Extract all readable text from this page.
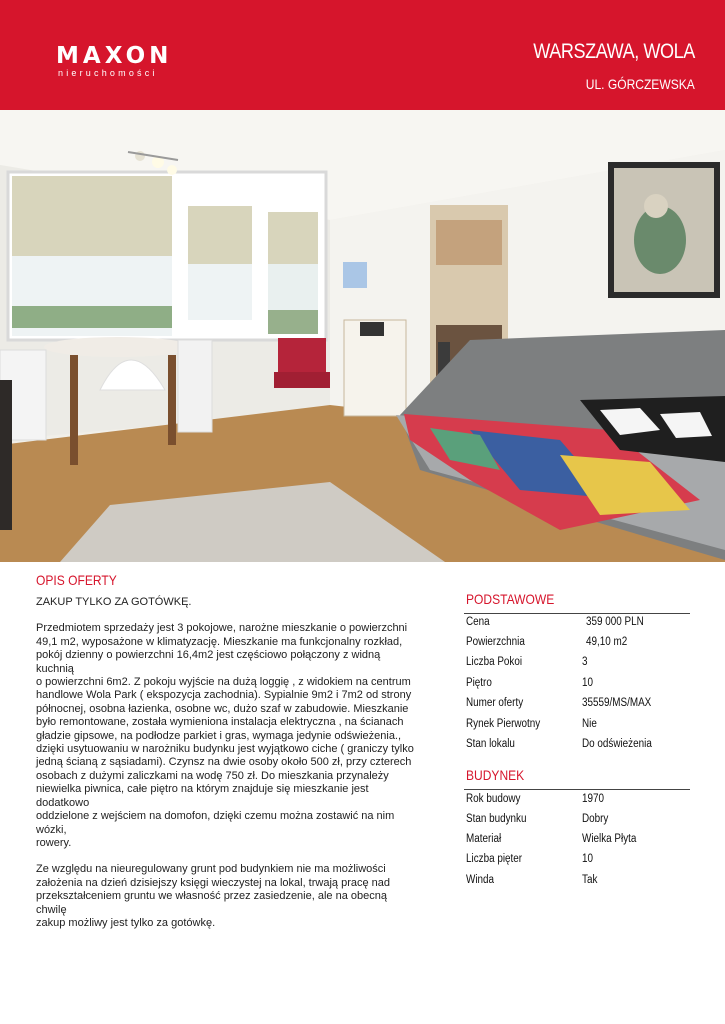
MAXON
nieruchomości
WARSZAWA, WOLA
UL. GÓRCZEWSKA
OPIS OFERTY

ZAKUP TYLKO ZA GOTÓWKĘ.

Przedmiotem sprzedaży jest 3 pokojowe, narożne mieszkanie o powierzchni
49,1 m2, wyposażone w klimatyzację. Mieszkanie ma funkcjonalny rozkład,
pokój dzienny o powierzchni 16,4m2 jest częściowo połączony z widną kuchnią
o powierzchni 6m2. Z pokoju wyjście na dużą loggię , z widokiem na centrum
handlowe Wola Park ( ekspozycja zachodnia). Sypialnie 9m2 i 7m2 od strony
północnej, osobna łazienka, osobne wc, dużo szaf w zabudowie. Mieszkanie
było remontowane, została wymieniona instalacja elektryczna , na ścianach
gładzie gipsowe, na podłodze parkiet i gras, wymaga jedynie odświeżenia.,
dzięki usytuowaniu w narożniku budynku jest wyjątkowo ciche ( graniczy tylko
jedną ścianą z sąsiadami). Czynsz na dwie osoby około 500 zł, przy czterech
osobach z dużymi zaliczkami na wodę 750 zł. Do mieszkania przynależy
niewielka piwnica, całe piętro na którym znajduje się mieszkanie jest dodatkowo
oddzielone z wejściem na domofon, dzięki czemu można zostawić na nim wózki,
rowery.

Ze względu na nieuregulowany grunt pod budynkiem nie ma możliwości
założenia na dzień dzisiejszy księgi wieczystej na lokal, trwają pracę nad
przekształceniem gruntu we własność przez zasiedzenie, ale na obecną chwilę
zakup możliwy jest tylko za gotówkę.

PODSTAWOWE
Cena	359 000 PLN
Powierzchnia	49,10 m2
Liczba Pokoi	3
Piętro	10
Numer oferty	35559/MS/MAX
Rynek Pierwotny	Nie
Stan lokalu	Do odświeżenia
BUDYNEK
Rok budowy	1970
Stan budynku	Dobry
Materiał	Wielka Płyta
Liczba pięter	10
Winda	Tak
